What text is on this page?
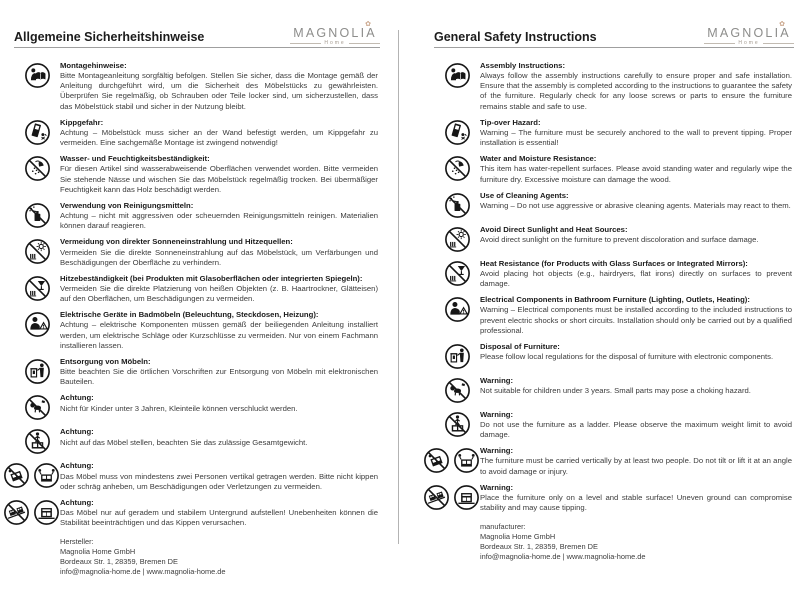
Allgemeine Sicherheitshinweise
✿
MAGNOLIA
Home
Montagehinweise:
Bitte Montageanleitung sorgfältig befolgen. Stellen Sie sicher, dass die Montage gemäß der Anleitung durchgeführt wird, um die Sicherheit des Möbelstücks zu gewährleisten. Überprüfen Sie regelmäßig, ob Schrauben oder Teile locker sind, um sicherzustellen, dass das Möbelstück stabil und sicher in der Nutzung bleibt.
Kippgefahr:
Achtung – Möbelstück muss sicher an der Wand befestigt werden, um Kippgefahr zu vermeiden. Eine sachgemäße Montage ist zwingend notwendig!
Wasser- und Feuchtigkeitsbeständigkeit:
Für diesen Artikel sind wasserabweisende Oberflächen verwendet worden. Bitte vermeiden Sie stehende Nässe und wischen Sie das Möbelstück regelmäßig trocken. Bei übermäßiger Feuchtigkeit kann das Holz beschädigt werden.
Verwendung von Reinigungsmitteln:
Achtung – nicht mit aggressiven oder scheuernden Reinigungsmitteln reinigen. Materialien können darauf reagieren.
Vermeidung von direkter Sonneneinstrahlung und Hitzequellen:
Vermeiden Sie die direkte Sonneneinstrahlung auf das Möbelstück, um Verfärbungen und Beschädigungen der Oberfläche zu verhindern.
Hitzebeständigkeit (bei Produkten mit Glasoberflächen oder integrierten Spiegeln):
Vermeiden Sie die direkte Platzierung von heißen Objekten (z. B. Haartrockner, Glätteisen) auf den Oberflächen, um Beschädigungen zu vermeiden.
Elektrische Geräte in Badmöbeln (Beleuchtung, Steckdosen, Heizung):
Achtung – elektrische Komponenten müssen gemäß der beiliegenden Anleitung installiert werden, um elektrische Schläge oder Kurzschlüsse zu vermeiden. Nur von einem Fachmann installieren lassen.
Entsorgung von Möbeln:
Bitte beachten Sie die örtlichen Vorschriften zur Entsorgung von Möbeln mit elektronischen Bauteilen.
Achtung:
Nicht für Kinder unter 3 Jahren, Kleinteile können verschluckt werden.
Achtung:
Nicht auf das Möbel stellen, beachten Sie das zulässige Gesamtgewicht.
Achtung:
Das Möbel muss von mindestens zwei Personen vertikal getragen werden. Bitte nicht kippen oder schräg anheben, um Beschädigungen oder Verletzungen zu vermeiden.
Achtung:
Das Möbel nur auf geradem und stabilem Untergrund aufstellen! Unebenheiten können die Stabilität beeinträchtigen und das Kippen verursachen.
Hersteller:
Magnolia Home GmbH
Bordeaux Str. 1, 28359, Bremen DE
info@magnolia-home.de | www.magnolia-home.de
General Safety Instructions
✿
MAGNOLIA
Home
Assembly Instructions:
Always follow the assembly instructions carefully to ensure proper and safe installation. Ensure that the assembly is completed according to the instructions to guarantee the safety of the furniture. Regularly check for any loose screws or parts to ensure the furniture remains stable and safe to use.
Tip-over Hazard:
Warning – The furniture must be securely anchored to the wall to prevent tipping. Proper installation is essential!
Water and Moisture Resistance:
This item has water-repellent surfaces. Please avoid standing water and regularly wipe the furniture dry. Excessive moisture can damage the wood.
Use of Cleaning Agents:
Warning – Do not use aggressive or abrasive cleaning agents. Materials may react to them.
Avoid Direct Sunlight and Heat Sources:
Avoid direct sunlight on the furniture to prevent discoloration and surface damage.
Heat Resistance (for Products with Glass Surfaces or Integrated Mirrors):
Avoid placing hot objects (e.g., hairdryers, flat irons) directly on surfaces to prevent damage.
Electrical Components in Bathroom Furniture (Lighting, Outlets, Heating):
Warning – Electrical components must be installed according to the included instructions to prevent electric shocks or short circuits. Installation should only be carried out by a qualified professional.
Disposal of Furniture:
Please follow local regulations for the disposal of furniture with electronic components.
Warning:
Not suitable for children under 3 years. Small parts may pose a choking hazard.
Warning:
Do not use the furniture as a ladder. Please observe the maximum weight limit to avoid damage.
Warning:
The furniture must be carried vertically by at least two people. Do not tilt or lift it at an angle to avoid damage or injury.
Warning:
Place the furniture only on a level and stable surface! Uneven ground can compromise stability and may cause tipping.
manufacturer:
Magnolia Home GmbH
Bordeaux Str. 1, 28359, Bremen DE
info@magnolia-home.de | www.magnolia-home.de
